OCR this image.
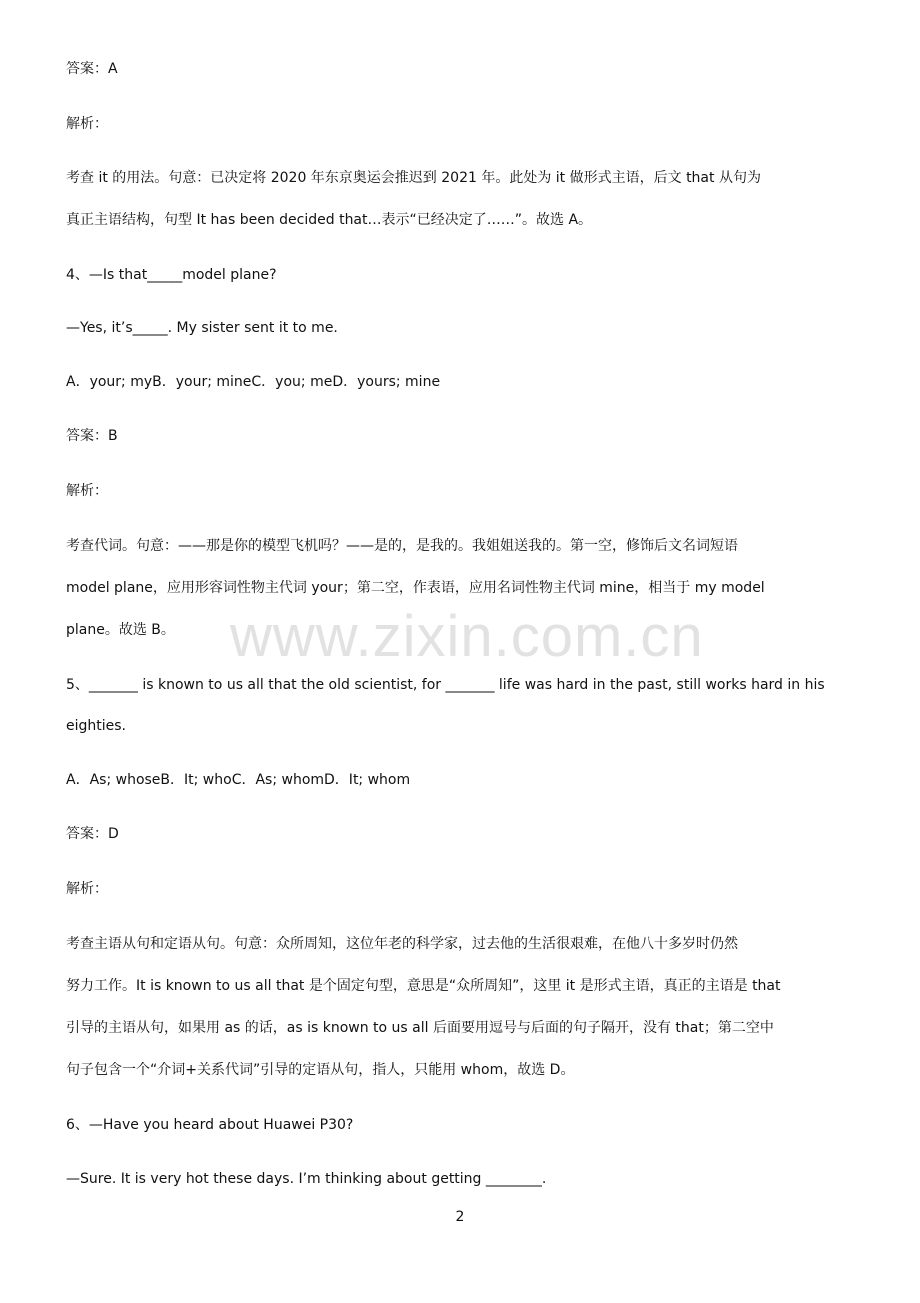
www.zixin.com.cn
答案：A
解析：
考查 it 的用法。句意：已决定将 2020 年东京奥运会推迟到 2021 年。此处为 it 做形式主语，后文 that 从句为
真正主语结构，句型 It has been decided that…表示“已经决定了……”。故选 A。
4、—Is that_____model plane?
—Yes, it’s_____. My sister sent it to me.
A．your; myB．your; mineC．you; meD．yours; mine
答案：B
解析：
考查代词。句意：——那是你的模型飞机吗？——是的，是我的。我姐姐送我的。第一空，修饰后文名词短语
model plane，应用形容词性物主代词 your；第二空，作表语，应用名词性物主代词 mine，相当于 my model
plane。故选 B。
5、_______ is known to us all that the old scientist, for _______ life was hard in the past, still works hard in his
eighties.
A．As; whoseB．It; whoC．As; whomD．It; whom
答案：D
解析：
考查主语从句和定语从句。句意：众所周知，这位年老的科学家，过去他的生活很艰难，在他八十多岁时仍然
努力工作。It is known to us all that 是个固定句型，意思是“众所周知”，这里 it 是形式主语，真正的主语是 that
引导的主语从句，如果用 as 的话，as is known to us all 后面要用逗号与后面的句子隔开，没有 that；第二空中
句子包含一个“介词+关系代词”引导的定语从句，指人，只能用 whom，故选 D。
6、—Have you heard about Huawei P30?
—Sure. It is very hot these days. I’m thinking about getting ________.
2
